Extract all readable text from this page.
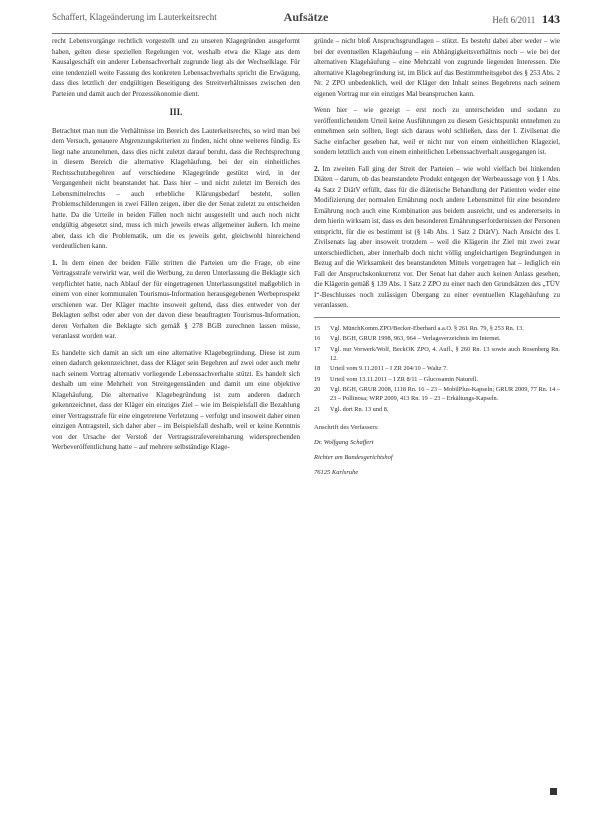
Schaffert, Klageänderung im Lauterkeitsrecht	Aufsätze	Heft 6/2011 143

recht Lebensvorgänge rechtlich vorgestellt und zu unseren Klagegründen ausgeformt haben, gelten diese speziellen Regelungen vor, weshalb etwa die Klage aus dem Kausalgeschäft ein anderer Lebensachverhalt zugrunde liegt als der Wechselklage. Für eine tendenziell weite Fassung des konkreten Lebensachverhalts spricht die Erwägung, dass dies letztlich der endgültigen Beseitigung des Streitverhältnisses zwischen den Parteien und damit auch der Prozessökonomie dient.

III.

Betrachtet man nun die Verhältnisse im Bereich des Lauterkeitsrechts, so wird man bei dem Versuch, genauere Abgrenzungskriterien zu finden, nicht ohne weiteres fündig. Es liegt nahe anzunehmen, dass dies nicht zuletzt darauf beruht, dass die Rechtsprechung in diesem Bereich die alternative Klagehäufung, bei der ein einheitliches Rechtsschutzbegehren auf verschiedene Klagegründe gestützt wird, in der Vergangenheit nicht beanstandet hat. Dass hier – und nicht zuletzt im Bereich des Lebensmittelrechts – auch erhebliche Klärungsbedarf besteht, sollen Problemschilderungen in zwei Fällen zeigen, über die der Senat zuletzt zu entscheiden hatte. Da die Urteile in beiden Fällen noch nicht ausgestellt und auch noch nicht endgültig abgesetzt sind, muss ich mich jeweils etwas allgemeiner äußern. Ich meine aber, dass ich die Problematik, um die es jeweils geht, gleichwohl hinreichend verdeutlichen kann.

1. In dem einen der beiden Fälle stritten die Parteien um die Frage, ob eine Vertragsstrafe verwirkt war, weil die Werbung, zu deren Unterlassung die Beklagte sich verpflichtet hatte, nach Ablauf der für eingetragenen Unterlassungstitel maßgeblich in einem von einer kommunalen Tourismus-Information herausgegebenen Werbeprospekt erschienen war. Der Kläger machte insoweit geltend, dass dies entweder von der Beklagten selbst oder aber von der davon diese beauftragten Tourismus-Information, deren Verhalten die Beklagte sich gemäß § 278 BGB zurechnen lassen müsse, veranlasst worden war.

Es handelte sich damit an sich um eine alternative Klagebegründung. Diese ist zum einen dadurch gekennzeichnet, dass der Kläger sein Begehren auf zwei oder auch mehr nach seinem Vortrag alternativ vorliegende Lebenssachverhalte stützt. Es handelt sich deshalb um eine Mehrheit von Streitgegenständen und damit um eine objektive Klagehäufung. Die alternative Klagebegründung ist zum anderen dadurch gekennzeichnet, dass der Kläger ein einziges Ziel – wie im Beispielsfall die Bezahlung einer Vertragsstrafe für eine eingetretene Verletzung – verfolgt und insoweit daher einen einzigen Antragsteil, sich daher aber – im Beispielsfall deshalb, weil er keine Kenntnis von der Ursache der Verstoß der Vertragsstrafevereinbarung widersprechenden Werbeveröffentlichung hatte – auf mehrere selbständige Klage-

gründe – nicht bloß Anspruchsgrundlagen – stützt. Es besteht dabei aber weder – wie bei der eventuellen Klagehäufung – ein Abhängigkeitsverhältnis noch – wie bei der alternativen Klagehäufung – eine Mehrzahl von zugrunde liegenden Interessen. Die alternative Klagebegründung ist, im Blick auf das Bestimmtheitsgebot des § 253 Abs. 2 Nr. 2 ZPO unbedenklich, weil der Kläger den Inhalt seines Begehrens nach seinem eigenen Vortrag nur ein einziges Mal beanspruchen kann.

Wenn hier – wie gezeigt – erst noch zu unterscheiden und sodann zu veröffentlichendem Urteil keine Ausführungen zu diesem Gesichtspunkt entnehmen zu entnehmen sein sollten, liegt sich daraus wohl schließen, dass der I. Zivilsenat die Sache einfacher gesehen hat, weil er nicht nur von einem einheitlichen Klageziel, sondern letztlich auch von einem einheitlichen Lebenssachverhalt ausgegangen ist.

2. Im zweiten Fall ging der Streit der Parteien – wie wohl vielfach bei hinkenden Diäten – darum, ob das beanstandete Produkt entgegen der Werbeaussage von § 1 Abs. 4a Satz 2 DiätV erfüllt, dass für die diätetische Behandlung der Patienten weder eine Modifizierung der normalen Ernährung noch andere Lebensmittel für eine besondere Ernährung noch auch eine Kombination aus beidem ausreicht, und es andererseits in dem hierin wirksam ist, dass es den besonderen Ernährungserfordernissen der Personen entspricht, für die es bestimmt ist (§ 14b Abs. 1 Satz 2 DiätV). Nach Ansicht des I. Zivilsenats lag aber insoweit trotzdem – weil die Klägerin ihr Ziel mit zwei zwar unterschiedlichen, aber innerhalb doch nicht völlig ungleichartigen Begründungen in Bezug auf die Wirksamkeit des beanstandeten Mittels vorgetragen hat – lediglich ein Fall der Anspruchskonkurrenz vor. Der Senat hat daher auch keinen Anlass gesehen, die Klägerin gemäß § 139 Abs. 1 Satz 2 ZPO zu einer nach den Grundsätzen des „TÜV I“-Beschlusses noch zulässigen Übergang zu einer eventuellen Klagehäufung zu veranlassen.

15	Vgl. MünchKomm.ZPO/Becker-Eberhard a.a.O. § 261 Rn. 79, § 253 Rn. 13.
16	Vgl. BGH, GRUR 1998, 963, 964 – Verlagsverzeichnis im Internet.
17	Vgl. nur Vorwerk/Wolf, BeckOK ZPO, 4. Aufl., § 260 Rn. 13 sowie auch Rosenberg Rn. 12.
18	Urteil vom 9.11.2011 – I ZR 204/10 – Waltz 7.
19	Urteil vom 13.11.2011 – I ZR 8/11 – Glucosamin Naturell.
20	Vgl. BGH, GRUR 2008, 1118 Rn. 16 – 23 – MobilPlus-Kapseln; GRUR 2009, 77 Rn. 14 – 23 – Pollinosa; WRP 2009, 413 Rn. 19 – 23 – Erkältungs-Kapseln.
21	Vgl. dort Rn. 13 und 8.

Anschrift des Verfassers:

Dr. Wolfgang Schaffert

Richter am Bundesgerichtshof

76125 Karlsruhe
